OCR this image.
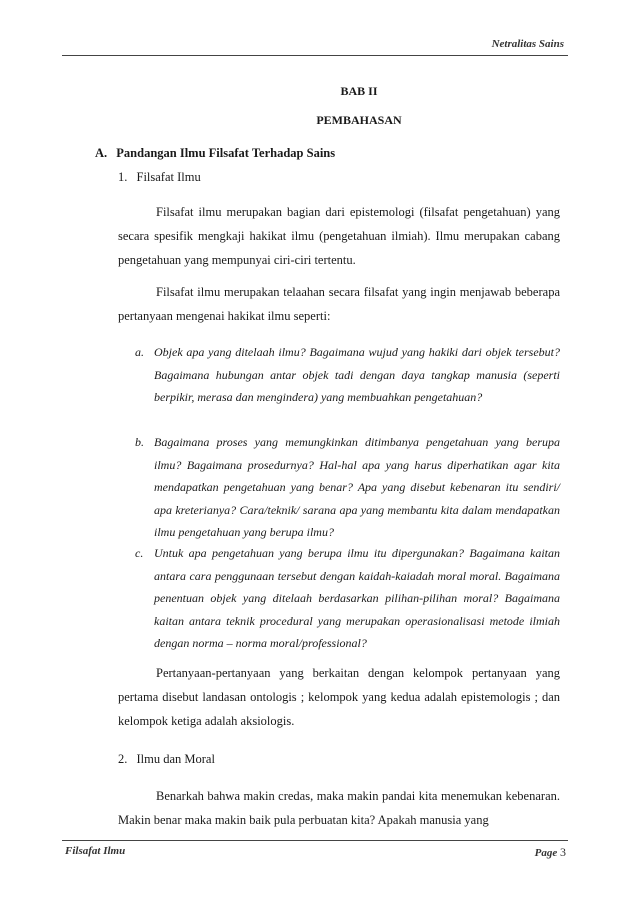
Netralitas Sains
BAB II
PEMBAHASAN
A. Pandangan Ilmu Filsafat Terhadap Sains
1. Filsafat Ilmu
Filsafat ilmu merupakan bagian dari epistemologi (filsafat pengetahuan) yang secara spesifik mengkaji hakikat ilmu (pengetahuan ilmiah). Ilmu merupakan cabang pengetahuan yang mempunyai ciri-ciri tertentu.
Filsafat ilmu merupakan telaahan secara filsafat yang ingin menjawab beberapa pertanyaan mengenai hakikat ilmu seperti:
a. Objek apa yang ditelaah ilmu? Bagaimana wujud yang hakiki dari objek tersebut? Bagaimana hubungan antar objek tadi dengan daya tangkap manusia (seperti berpikir, merasa dan mengindera) yang membuahkan pengetahuan?
b. Bagaimana proses yang memungkinkan ditimbanya pengetahuan yang berupa ilmu? Bagaimana prosedurnya? Hal-hal apa yang harus diperhatikan agar kita mendapatkan pengetahuan yang benar? Apa yang disebut kebenaran itu sendiri/ apa kreterianya? Cara/teknik/ sarana apa yang membantu kita dalam mendapatkan ilmu pengetahuan yang berupa ilmu?
c. Untuk apa pengetahuan yang berupa ilmu itu dipergunakan? Bagaimana kaitan antara cara penggunaan tersebut dengan kaidah-kaiadah moral moral. Bagaimana penentuan objek yang ditelaah berdasarkan pilihan-pilihan moral? Bagaimana kaitan antara teknik procedural yang merupakan operasionalisasi metode ilmiah dengan norma – norma moral/professional?
Pertanyaan-pertanyaan yang berkaitan dengan kelompok pertanyaan yang pertama disebut landasan ontologis ; kelompok yang kedua adalah epistemologis ; dan kelompok ketiga adalah aksiologis.
2. Ilmu dan Moral
Benarkah bahwa makin credas, maka makin pandai kita menemukan kebenaran. Makin benar maka makin baik pula perbuatan kita? Apakah manusia yang
Filsafat Ilmu	Page 3
